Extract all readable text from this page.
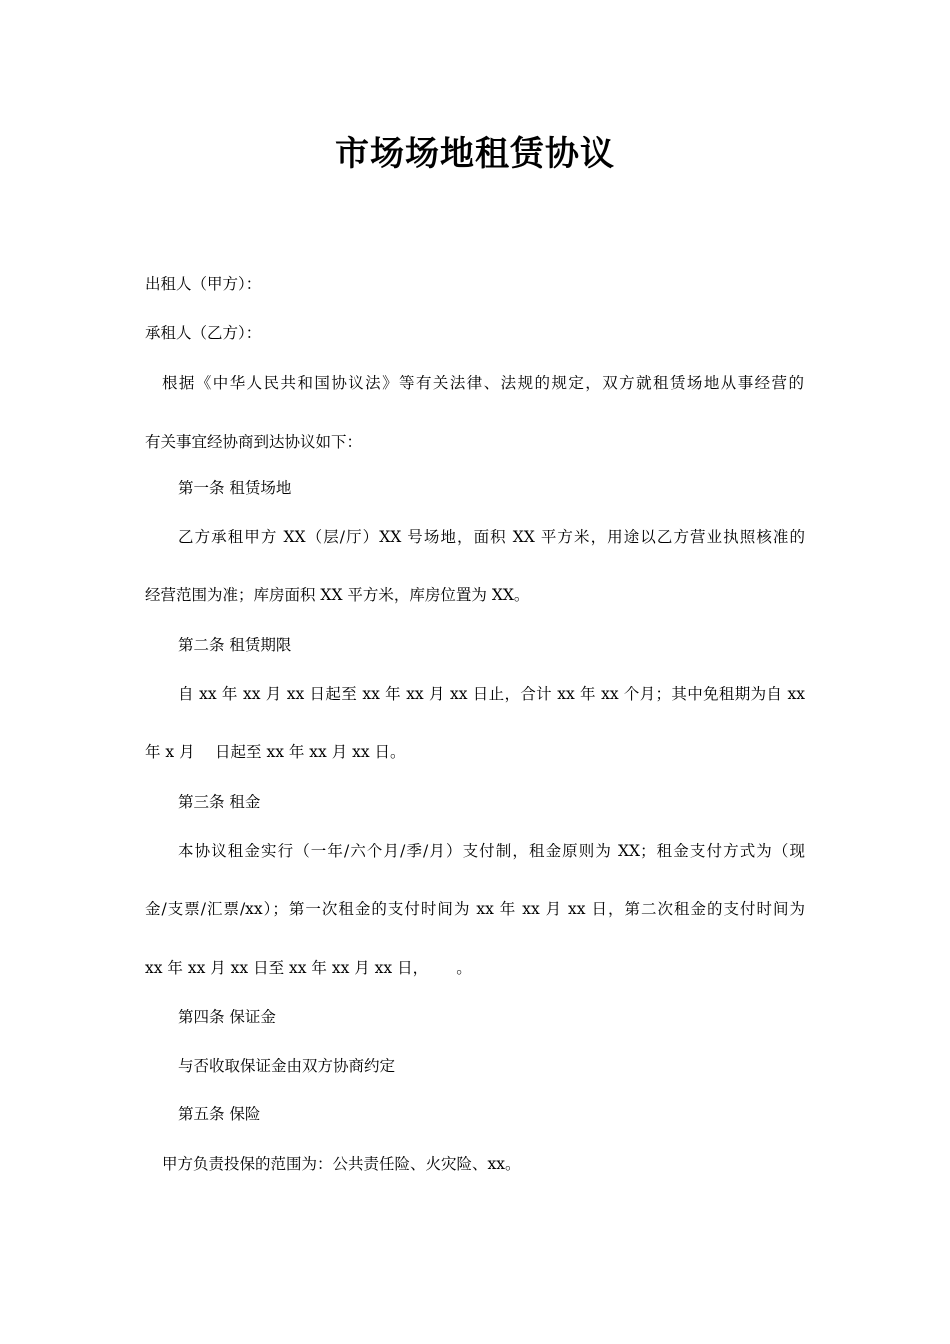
市场场地租赁协议
出租人（甲方）：
承租人（乙方）：
根据《中华人民共和国协议法》等有关法律、法规的规定，双方就租赁场地从事经营的
有关事宜经协商到达协议如下：
第一条 租赁场地
乙方承租甲方 XX（层/厅）XX 号场地，面积 XX 平方米，用途以乙方营业执照核准的
经营范围为准；库房面积 XX 平方米，库房位置为 XX。
第二条 租赁期限
自 xx 年 xx 月 xx 日起至 xx 年 xx 月 xx 日止，合计 xx 年 xx 个月；其中免租期为自 xx
年 x 月　 日起至 xx 年 xx 月 xx 日。
第三条 租金
本协议租金实行（一年/六个月/季/月）支付制，租金原则为 XX；租金支付方式为（现
金/支票/汇票/xx）；第一次租金的支付时间为 xx 年 xx 月 xx 日，第二次租金的支付时间为
xx 年 xx 月 xx 日至 xx 年 xx 月 xx 日，　　 。
第四条 保证金
与否收取保证金由双方协商约定
第五条 保险
甲方负责投保的范围为：公共责任险、火灾险、xx。
